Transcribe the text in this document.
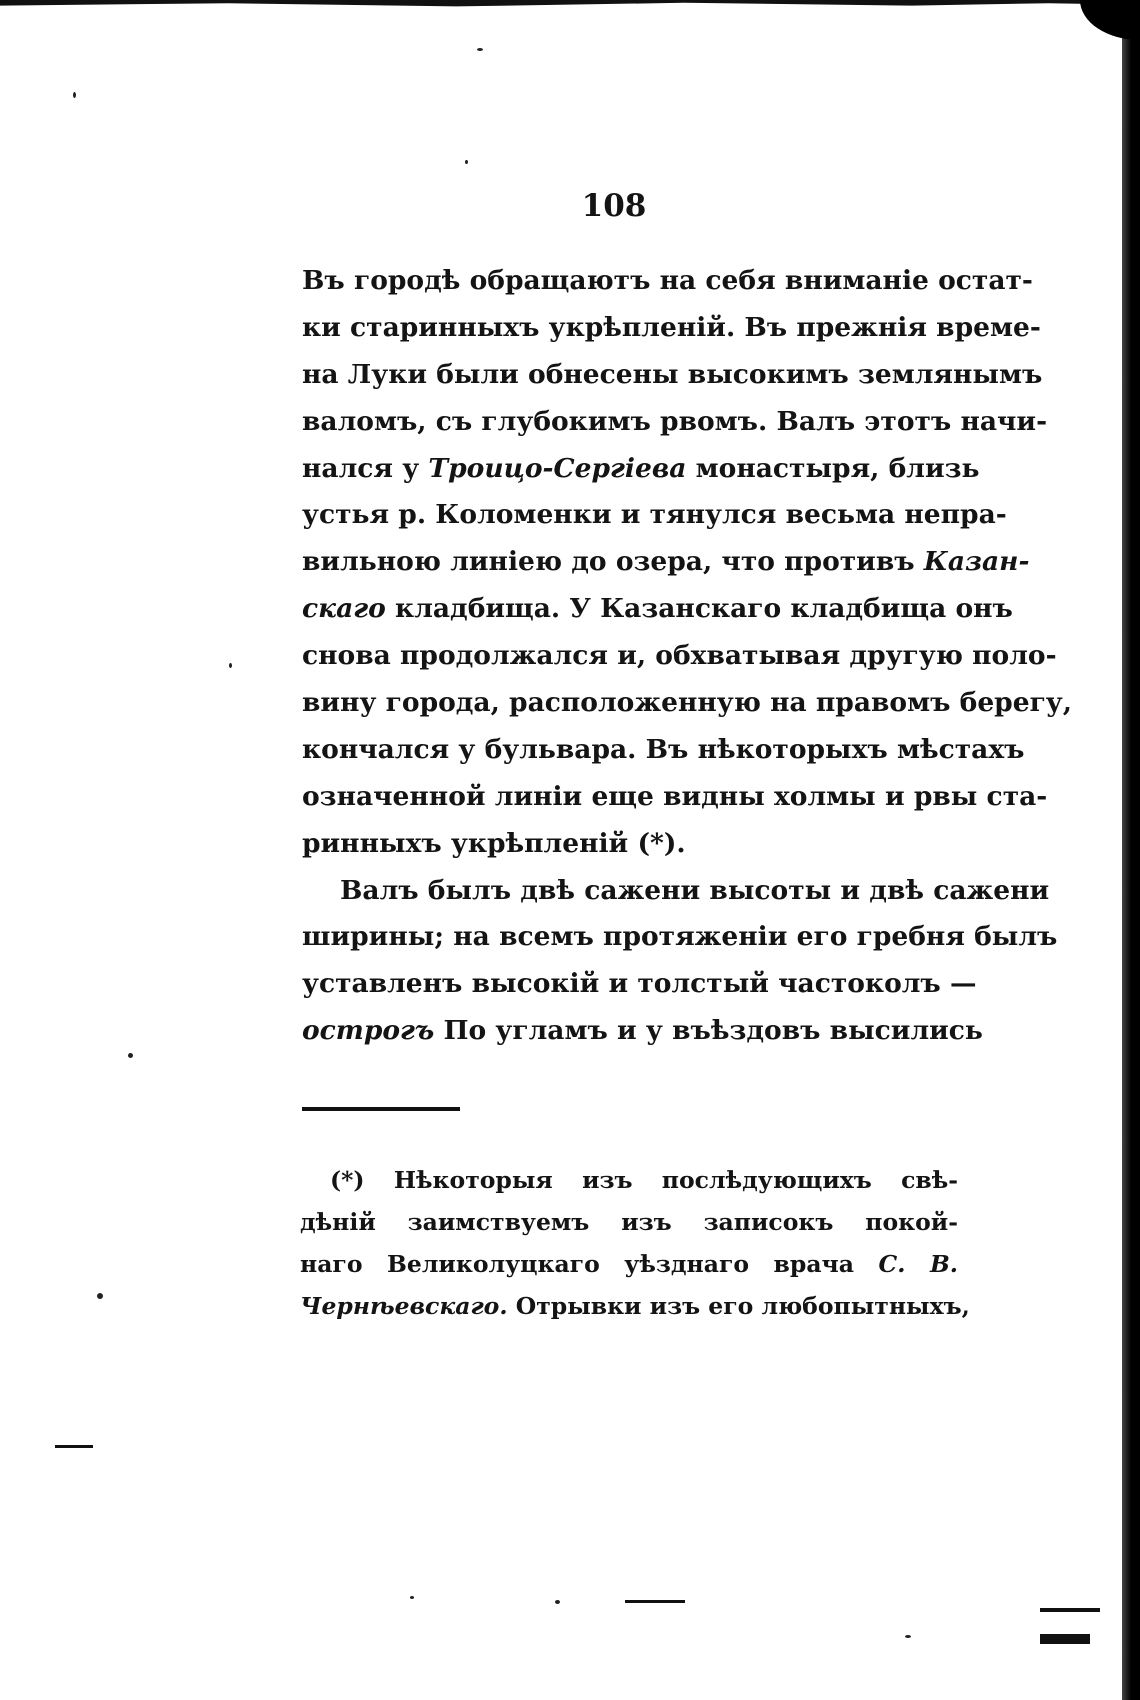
108
Въ городѣ обращаютъ на себя вниманіе остат-
ки старинныхъ укрѣпленій. Въ прежнія време-
на Луки были обнесены высокимъ землянымъ
валомъ, съ глубокимъ рвомъ. Валъ этотъ начи-
нался у Троицо-Сергіева монастыря, близь
устья р. Коломенки и тянулся весьма непра-
вильною линіею до озера, что противъ Казан-
скаго кладбища. У Казанскаго кладбища онъ
снова продолжался и, обхватывая другую поло-
вину города, расположенную на правомъ берегу,
кончался у бульвара. Въ нѣкоторыхъ мѣстахъ
означенной линіи еще видны холмы и рвы ста-
ринныхъ укрѣпленій (*).
Валъ былъ двѣ сажени высоты и двѣ сажени
ширины; на всемъ протяженіи его гребня былъ
уставленъ высокій и толстый частоколъ —
острогъ По угламъ и у въѣздовъ высились
(*) Нѣкоторыя изъ послѣдующихъ свѣ-
дѣній заимствуемъ изъ записокъ покой-
наго Великолуцкаго уѣзднаго врача С. В.
Чернѣевскаго. Отрывки изъ его любопытныхъ,
